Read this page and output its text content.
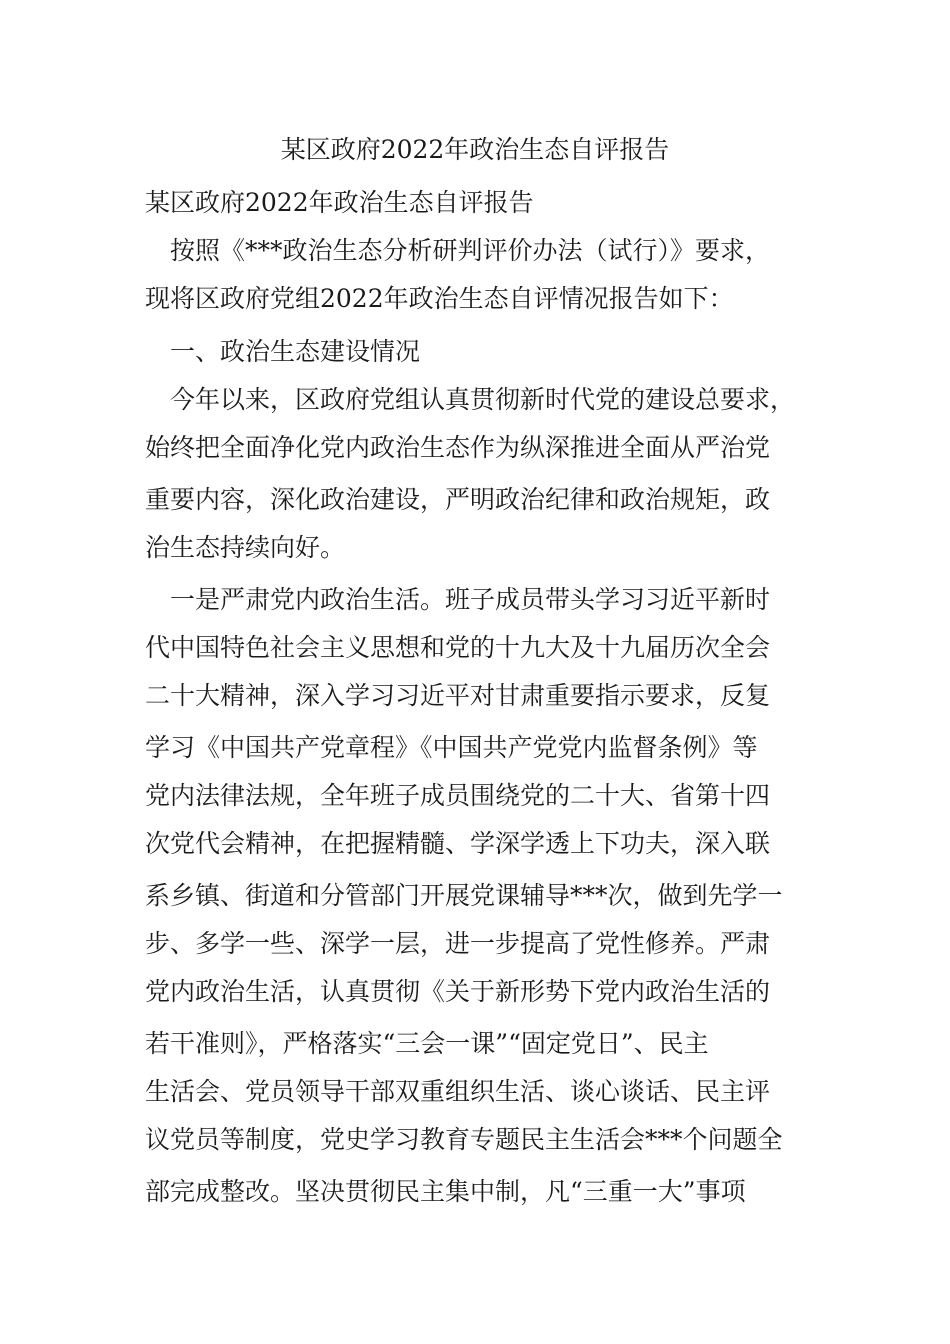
某区政府2022年政治生态自评报告

某区政府2022年政治生态自评报告

　按照《***政治生态分析研判评价办法（试行）》要求，

现将区政府党组2022年政治生态自评情况报告如下：

　一、政治生态建设情况

　今年以来，区政府党组认真贯彻新时代党的建设总要求，

始终把全面净化党内政治生态作为纵深推进全面从严治党

重要内容，深化政治建设，严明政治纪律和政治规矩，政

治生态持续向好。

　一是严肃党内政治生活。班子成员带头学习习近平新时

代中国特色社会主义思想和党的十九大及十九届历次全会

二十大精神，深入学习习近平对甘肃重要指示要求，反复

学习《中国共产党章程》《中国共产党党内监督条例》等

党内法律法规，全年班子成员围绕党的二十大、省第十四

次党代会精神，在把握精髓、学深学透上下功夫，深入联

系乡镇、街道和分管部门开展党课辅导***次，做到先学一

步、多学一些、深学一层，进一步提高了党性修养。严肃

党内政治生活，认真贯彻《关于新形势下党内政治生活的

若干准则》，严格落实“三会一课”“固定党日”、民主

生活会、党员领导干部双重组织生活、谈心谈话、民主评

议党员等制度，党史学习教育专题民主生活会***个问题全

部完成整改。坚决贯彻民主集中制，凡“三重一大”事项
